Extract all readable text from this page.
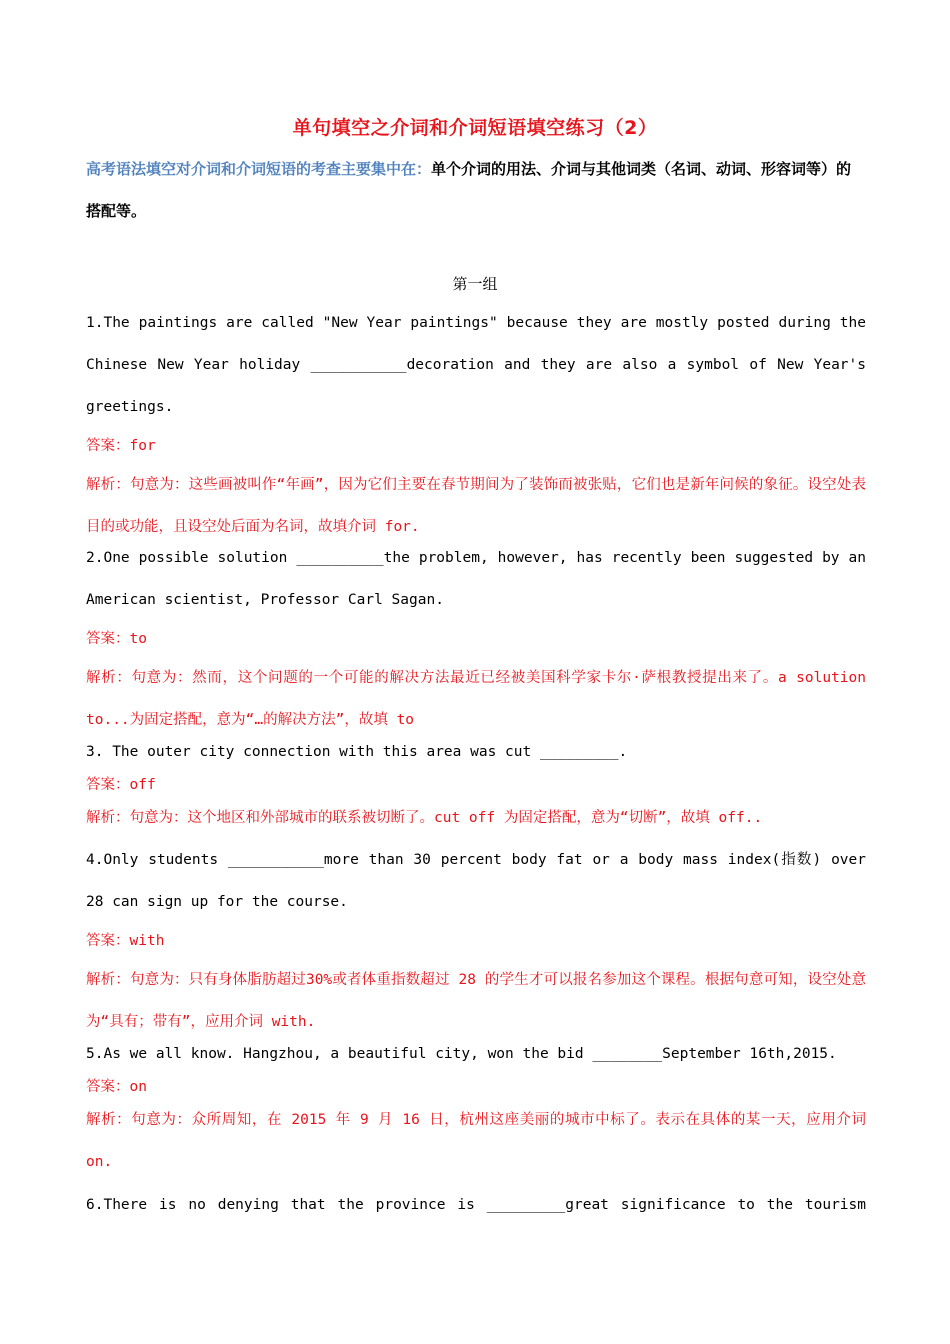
单句填空之介词和介词短语填空练习（2）
高考语法填空对介词和介词短语的考查主要集中在：单个介词的用法、介词与其他词类（名词、动词、形容词等）的搭配等。
第一组

1.The paintings are called "New Year paintings" because they are mostly posted during the Chinese New Year holiday ___________decoration and they are also a symbol of New Year's greetings.

答案：for

解析：句意为：这些画被叫作“年画”，因为它们主要在春节期间为了装饰而被张贴，它们也是新年问候的象征。设空处表目的或功能，且设空处后面为名词，故填介词 for.

2.One possible solution __________the problem, however, has recently been suggested by an American scientist, Professor Carl Sagan.

答案：to

解析：句意为：然而，这个问题的一个可能的解决方法最近已经被美国科学家卡尔·萨根教授提出来了。a solution to...为固定搭配，意为“…的解决方法”，故填 to

3. The outer city connection with this area was cut _________.

答案：off

解析：句意为：这个地区和外部城市的联系被切断了。cut off 为固定搭配，意为“切断”，故填 off..

4.Only students ___________more than 30 percent body fat or a body mass index(指数) over 28 can sign up for the course.

答案：with

解析：句意为：只有身体脂肪超过30%或者体重指数超过 28 的学生才可以报名参加这个课程。根据句意可知，设空处意为“具有；带有”，应用介词 with.

5.As we all know. Hangzhou, a beautiful city, won the bid ________September 16th,2015.

答案：on

解析：句意为：众所周知，在 2015 年 9 月 16 日，杭州这座美丽的城市中标了。表示在具体的某一天，应用介词 on.

6.There is no denying that the province is _________great significance to the tourism
